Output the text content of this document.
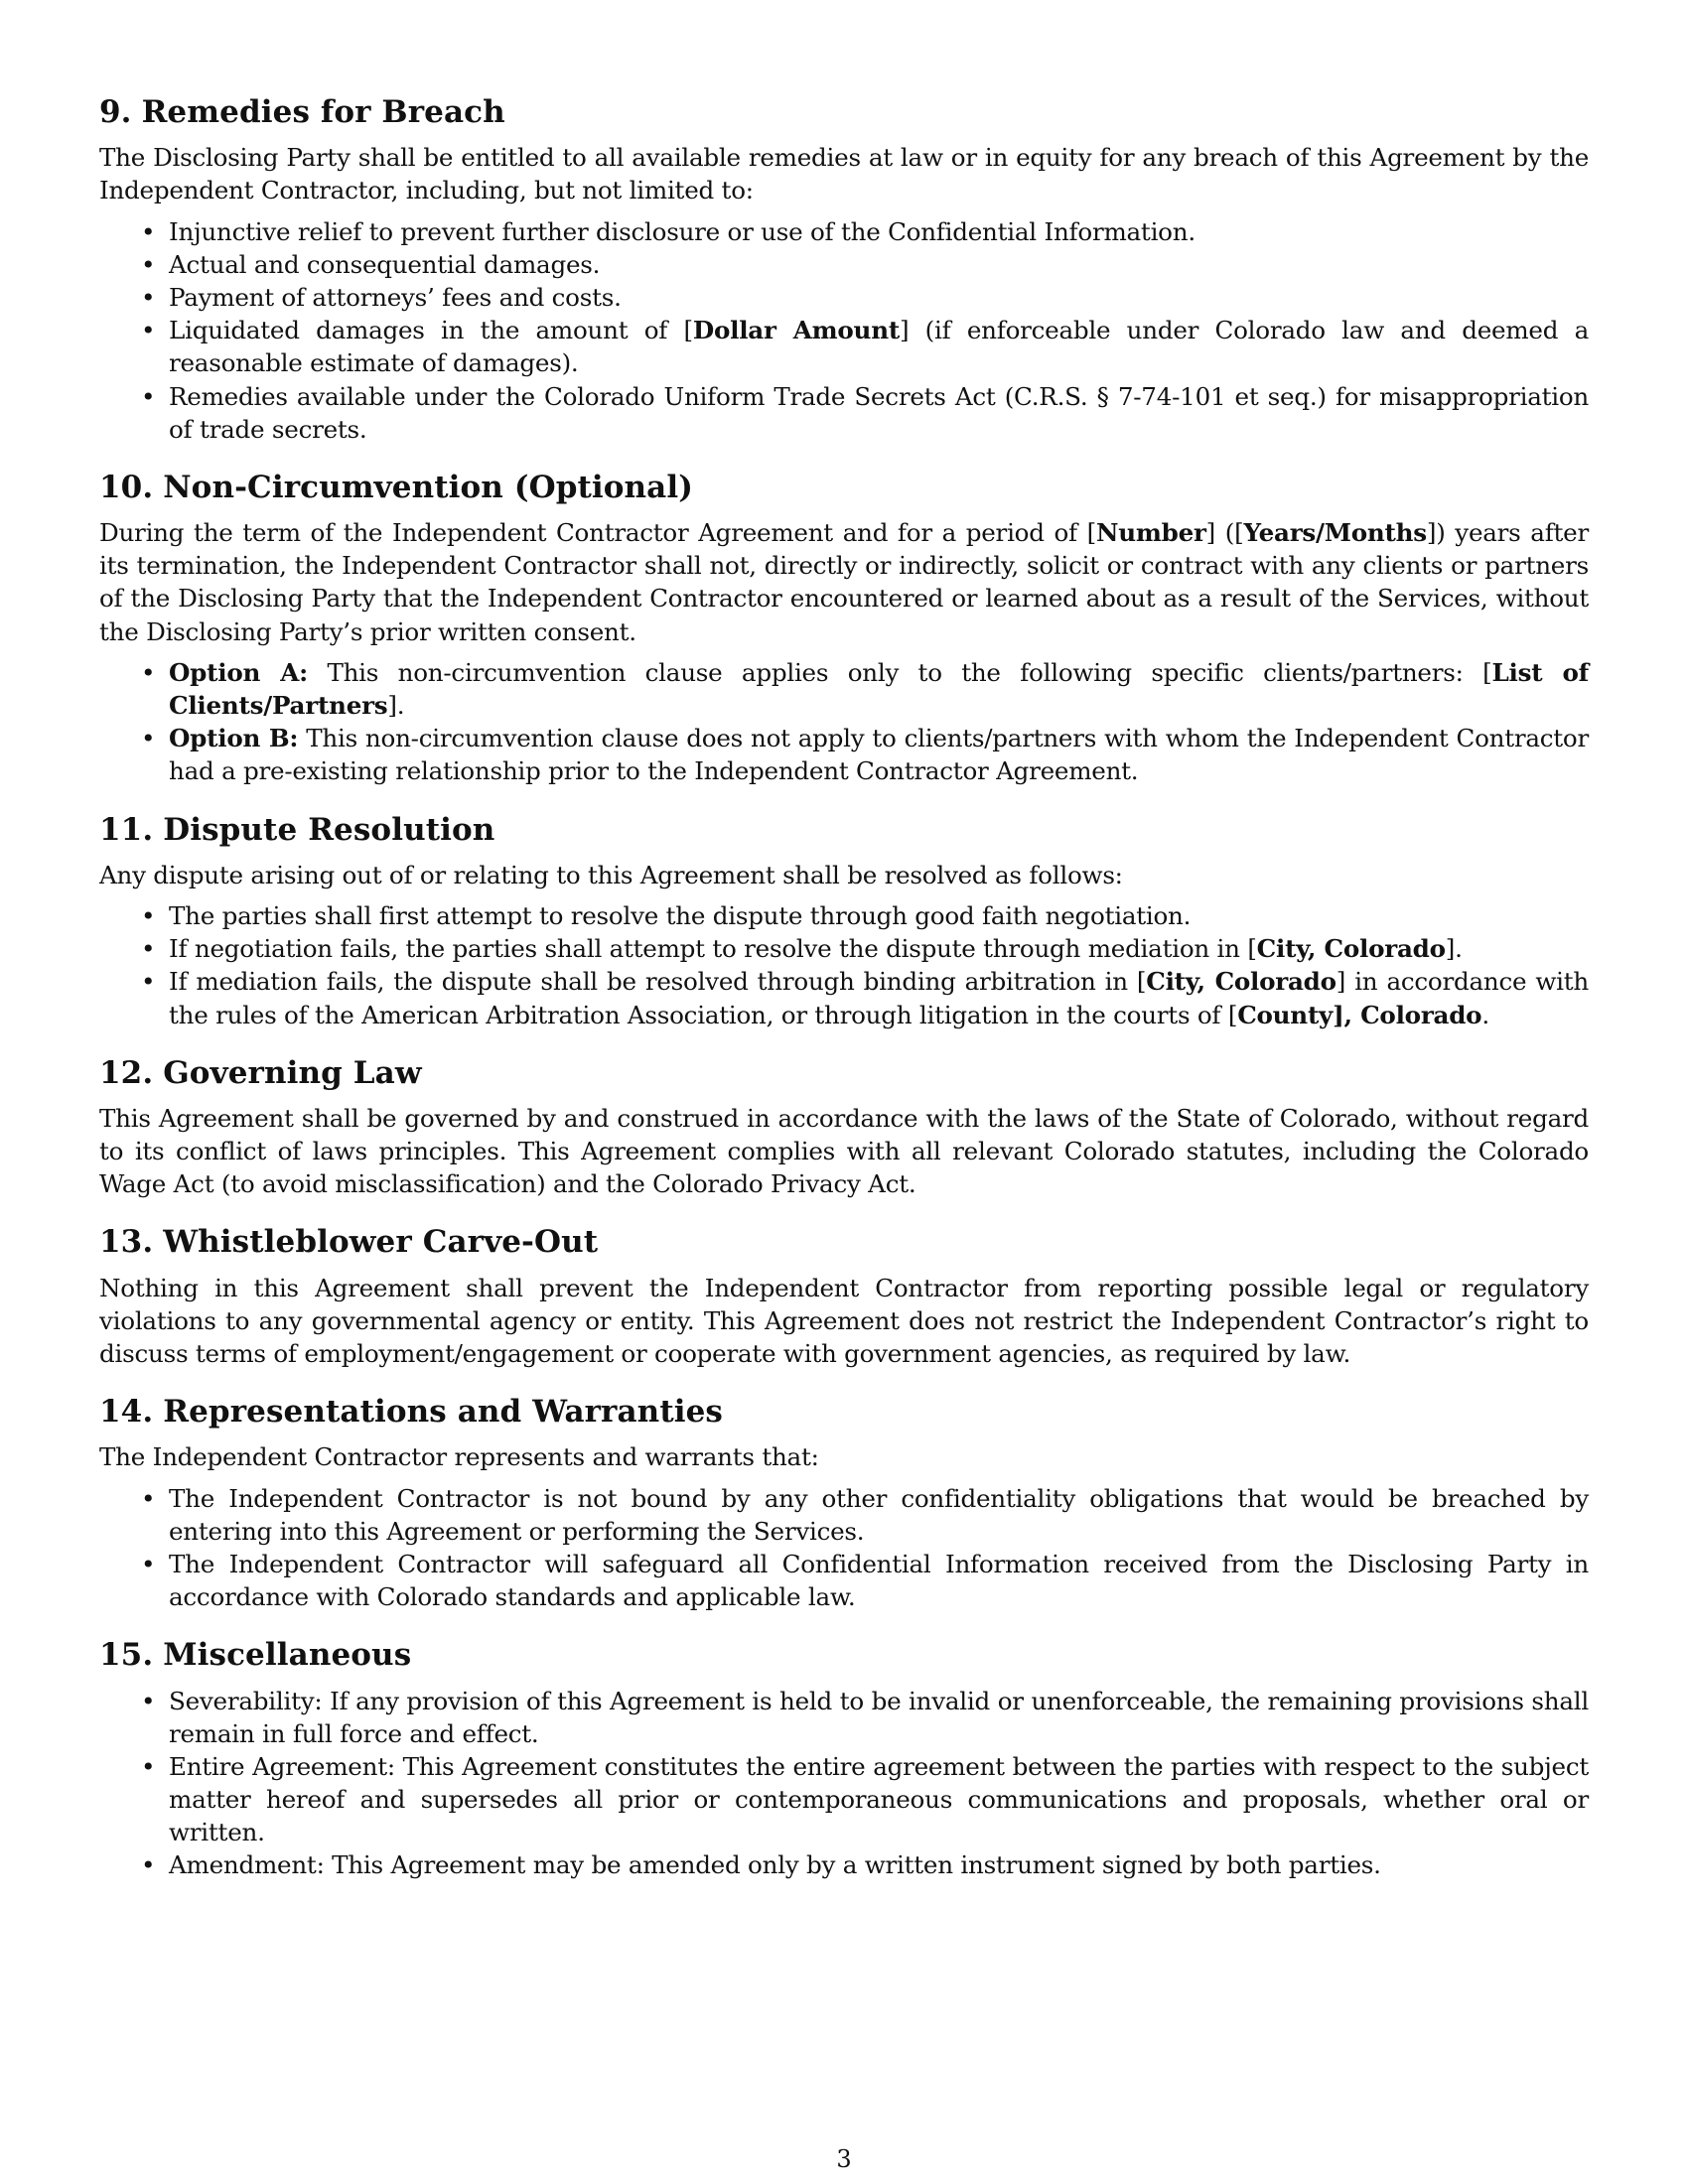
9. Remedies for Breach

The Disclosing Party shall be entitled to all available remedies at law or in equity for any breach of this Agreement by the Independent Contractor, including, but not limited to:

• Injunctive relief to prevent further disclosure or use of the Confidential Information.
• Actual and consequential damages.
• Payment of attorneys’ fees and costs.
• Liquidated damages in the amount of [Dollar Amount] (if enforceable under Colorado law and deemed a reasonable estimate of damages).
• Remedies available under the Colorado Uniform Trade Secrets Act (C.R.S. § 7-74-101 et seq.) for misappropriation of trade secrets.
10. Non-Circumvention (Optional)

During the term of the Independent Contractor Agreement and for a period of [Number] ([Years/Months]) years after its termination, the Independent Contractor shall not, directly or indirectly, solicit or contract with any clients or partners of the Disclosing Party that the Independent Contractor encountered or learned about as a result of the Services, without the Disclosing Party’s prior written consent.

• Option A: This non-circumvention clause applies only to the following specific clients/partners: [List of Clients/Partners].
• Option B: This non-circumvention clause does not apply to clients/partners with whom the Independent Contractor had a pre-existing relationship prior to the Independent Contractor Agreement.
11. Dispute Resolution

Any dispute arising out of or relating to this Agreement shall be resolved as follows:

• The parties shall first attempt to resolve the dispute through good faith negotiation.
• If negotiation fails, the parties shall attempt to resolve the dispute through mediation in [City, Colorado].
• If mediation fails, the dispute shall be resolved through binding arbitration in [City, Colorado] in accordance with the rules of the American Arbitration Association, or through litigation in the courts of [County], Colorado.
12. Governing Law

This Agreement shall be governed by and construed in accordance with the laws of the State of Colorado, without regard to its conflict of laws principles. This Agreement complies with all relevant Colorado statutes, including the Colorado Wage Act (to avoid misclassification) and the Colorado Privacy Act.

13. Whistleblower Carve-Out

Nothing in this Agreement shall prevent the Independent Contractor from reporting possible legal or regulatory violations to any governmental agency or entity. This Agreement does not restrict the Independent Contractor’s right to discuss terms of employment/engagement or cooperate with government agencies, as required by law.

14. Representations and Warranties

The Independent Contractor represents and warrants that:

• The Independent Contractor is not bound by any other confidentiality obligations that would be breached by entering into this Agreement or performing the Services.
• The Independent Contractor will safeguard all Confidential Information received from the Disclosing Party in accordance with Colorado standards and applicable law.
15. Miscellaneous
• Severability: If any provision of this Agreement is held to be invalid or unenforceable, the remaining provisions shall remain in full force and effect.
• Entire Agreement: This Agreement constitutes the entire agreement between the parties with respect to the subject matter hereof and supersedes all prior or contemporaneous communications and proposals, whether oral or written.
• Amendment: This Agreement may be amended only by a written instrument signed by both parties.
3
